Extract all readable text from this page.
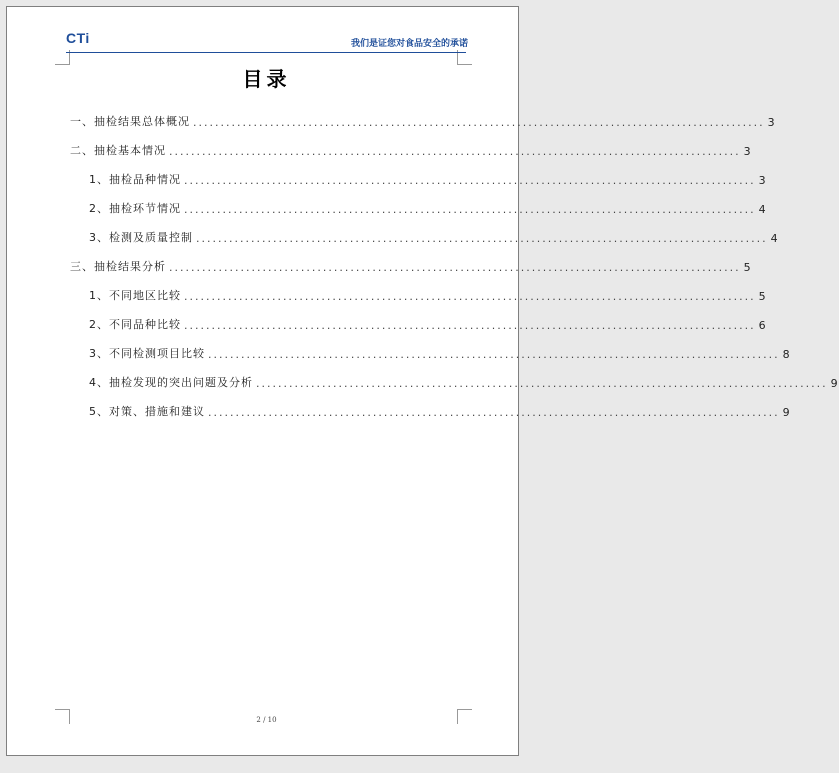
CTi	我们是证您对食品安全的承诺
目录
一、抽检结果总体概况 ........................................................................................................ 3
二、抽检基本情况 ........................................................................................................ 3
1、抽检品种情况 ........................................................................................................ 3
2、抽检环节情况 ........................................................................................................ 4
3、检测及质量控制 ........................................................................................................ 4
三、抽检结果分析 ........................................................................................................ 5
1、不同地区比较 ........................................................................................................ 5
2、不同品种比较 ........................................................................................................ 6
3、不同检测项目比较 ........................................................................................................ 8
4、抽检发现的突出问题及分析 ........................................................................................................ 9
5、对策、措施和建议 ........................................................................................................ 9
2 / 10
